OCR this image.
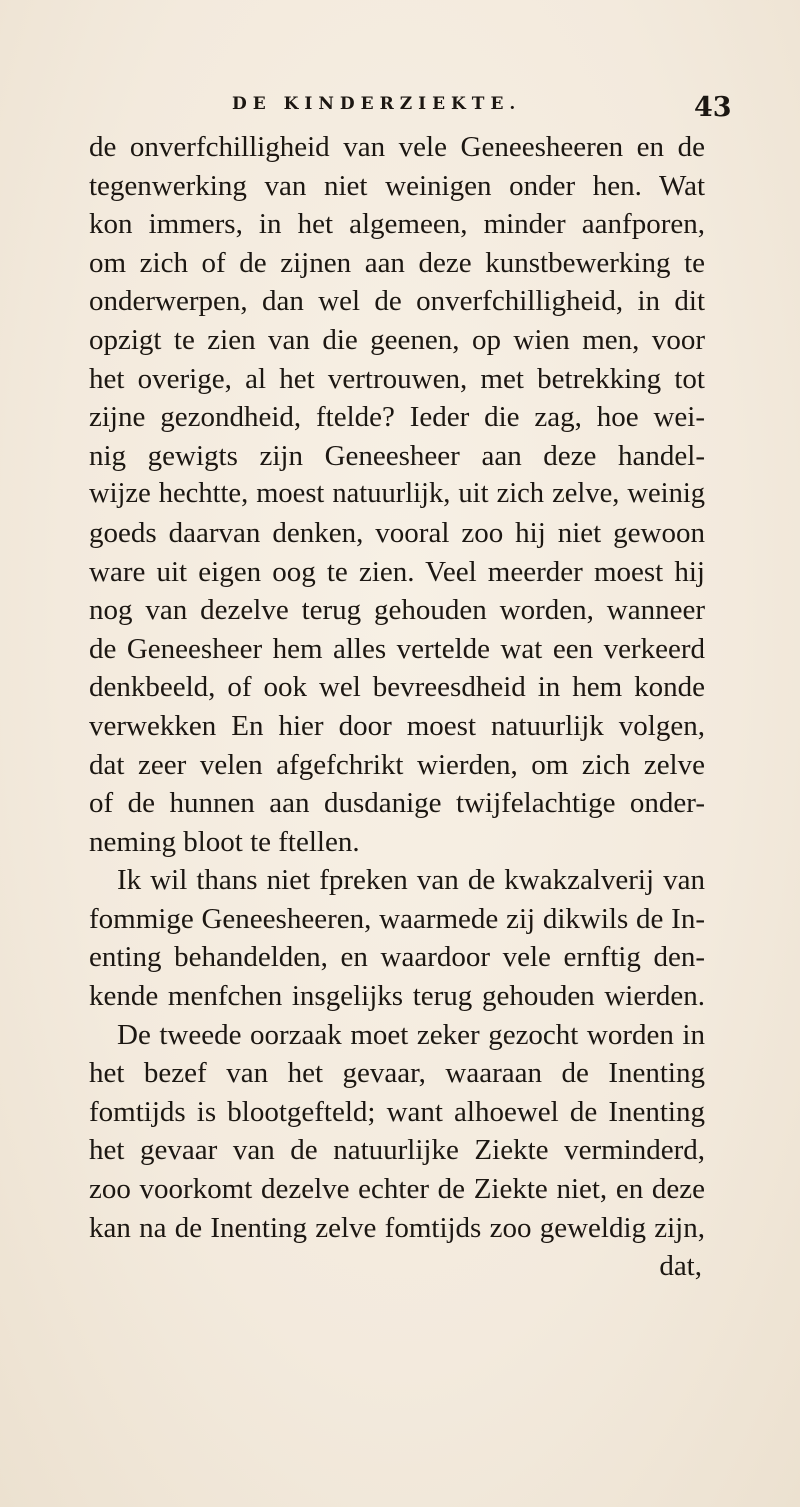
DE KINDERZIEKTE.	43
de onverfchilligheid van vele Geneesheeren en de
tegenwerking van niet weinigen onder hen. Wat
kon immers, in het algemeen, minder aanfporen,
om zich of de zijnen aan deze kunstbewerking te
onderwerpen, dan wel de onverfchilligheid, in dit
opzigt te zien van die geenen, op wien men, voor
het overige, al het vertrouwen, met betrekking tot
zijne gezondheid, ftelde? Ieder die zag, hoe wei-
nig gewigts zijn Geneesheer aan deze handel-
wijze hechtte, moest natuurlijk, uit zich zelve, weinig
goeds daarvan denken, vooral zoo hij niet gewoon
ware uit eigen oog te zien. Veel meerder moest hij
nog van dezelve terug gehouden worden, wanneer
de Geneesheer hem alles vertelde wat een verkeerd
denkbeeld, of ook wel bevreesdheid in hem konde
verwekken En hier door moest natuurlijk volgen,
dat zeer velen afgefchrikt wierden, om zich zelve
of de hunnen aan dusdanige twijfelachtige onder-
neming bloot te ftellen.
Ik wil thans niet fpreken van de kwakzalverij van
fommige Geneesheeren, waarmede zij dikwils de In-
enting behandelden, en waardoor vele ernftig den-
kende menfchen insgelijks terug gehouden wierden.
De tweede oorzaak moet zeker gezocht worden in
het bezef van het gevaar, waaraan de Inenting
fomtijds is blootgefteld; want alhoewel de Inenting
het gevaar van de natuurlijke Ziekte verminderd,
zoo voorkomt dezelve echter de Ziekte niet, en deze
kan na de Inenting zelve fomtijds zoo geweldig zijn,
dat,
